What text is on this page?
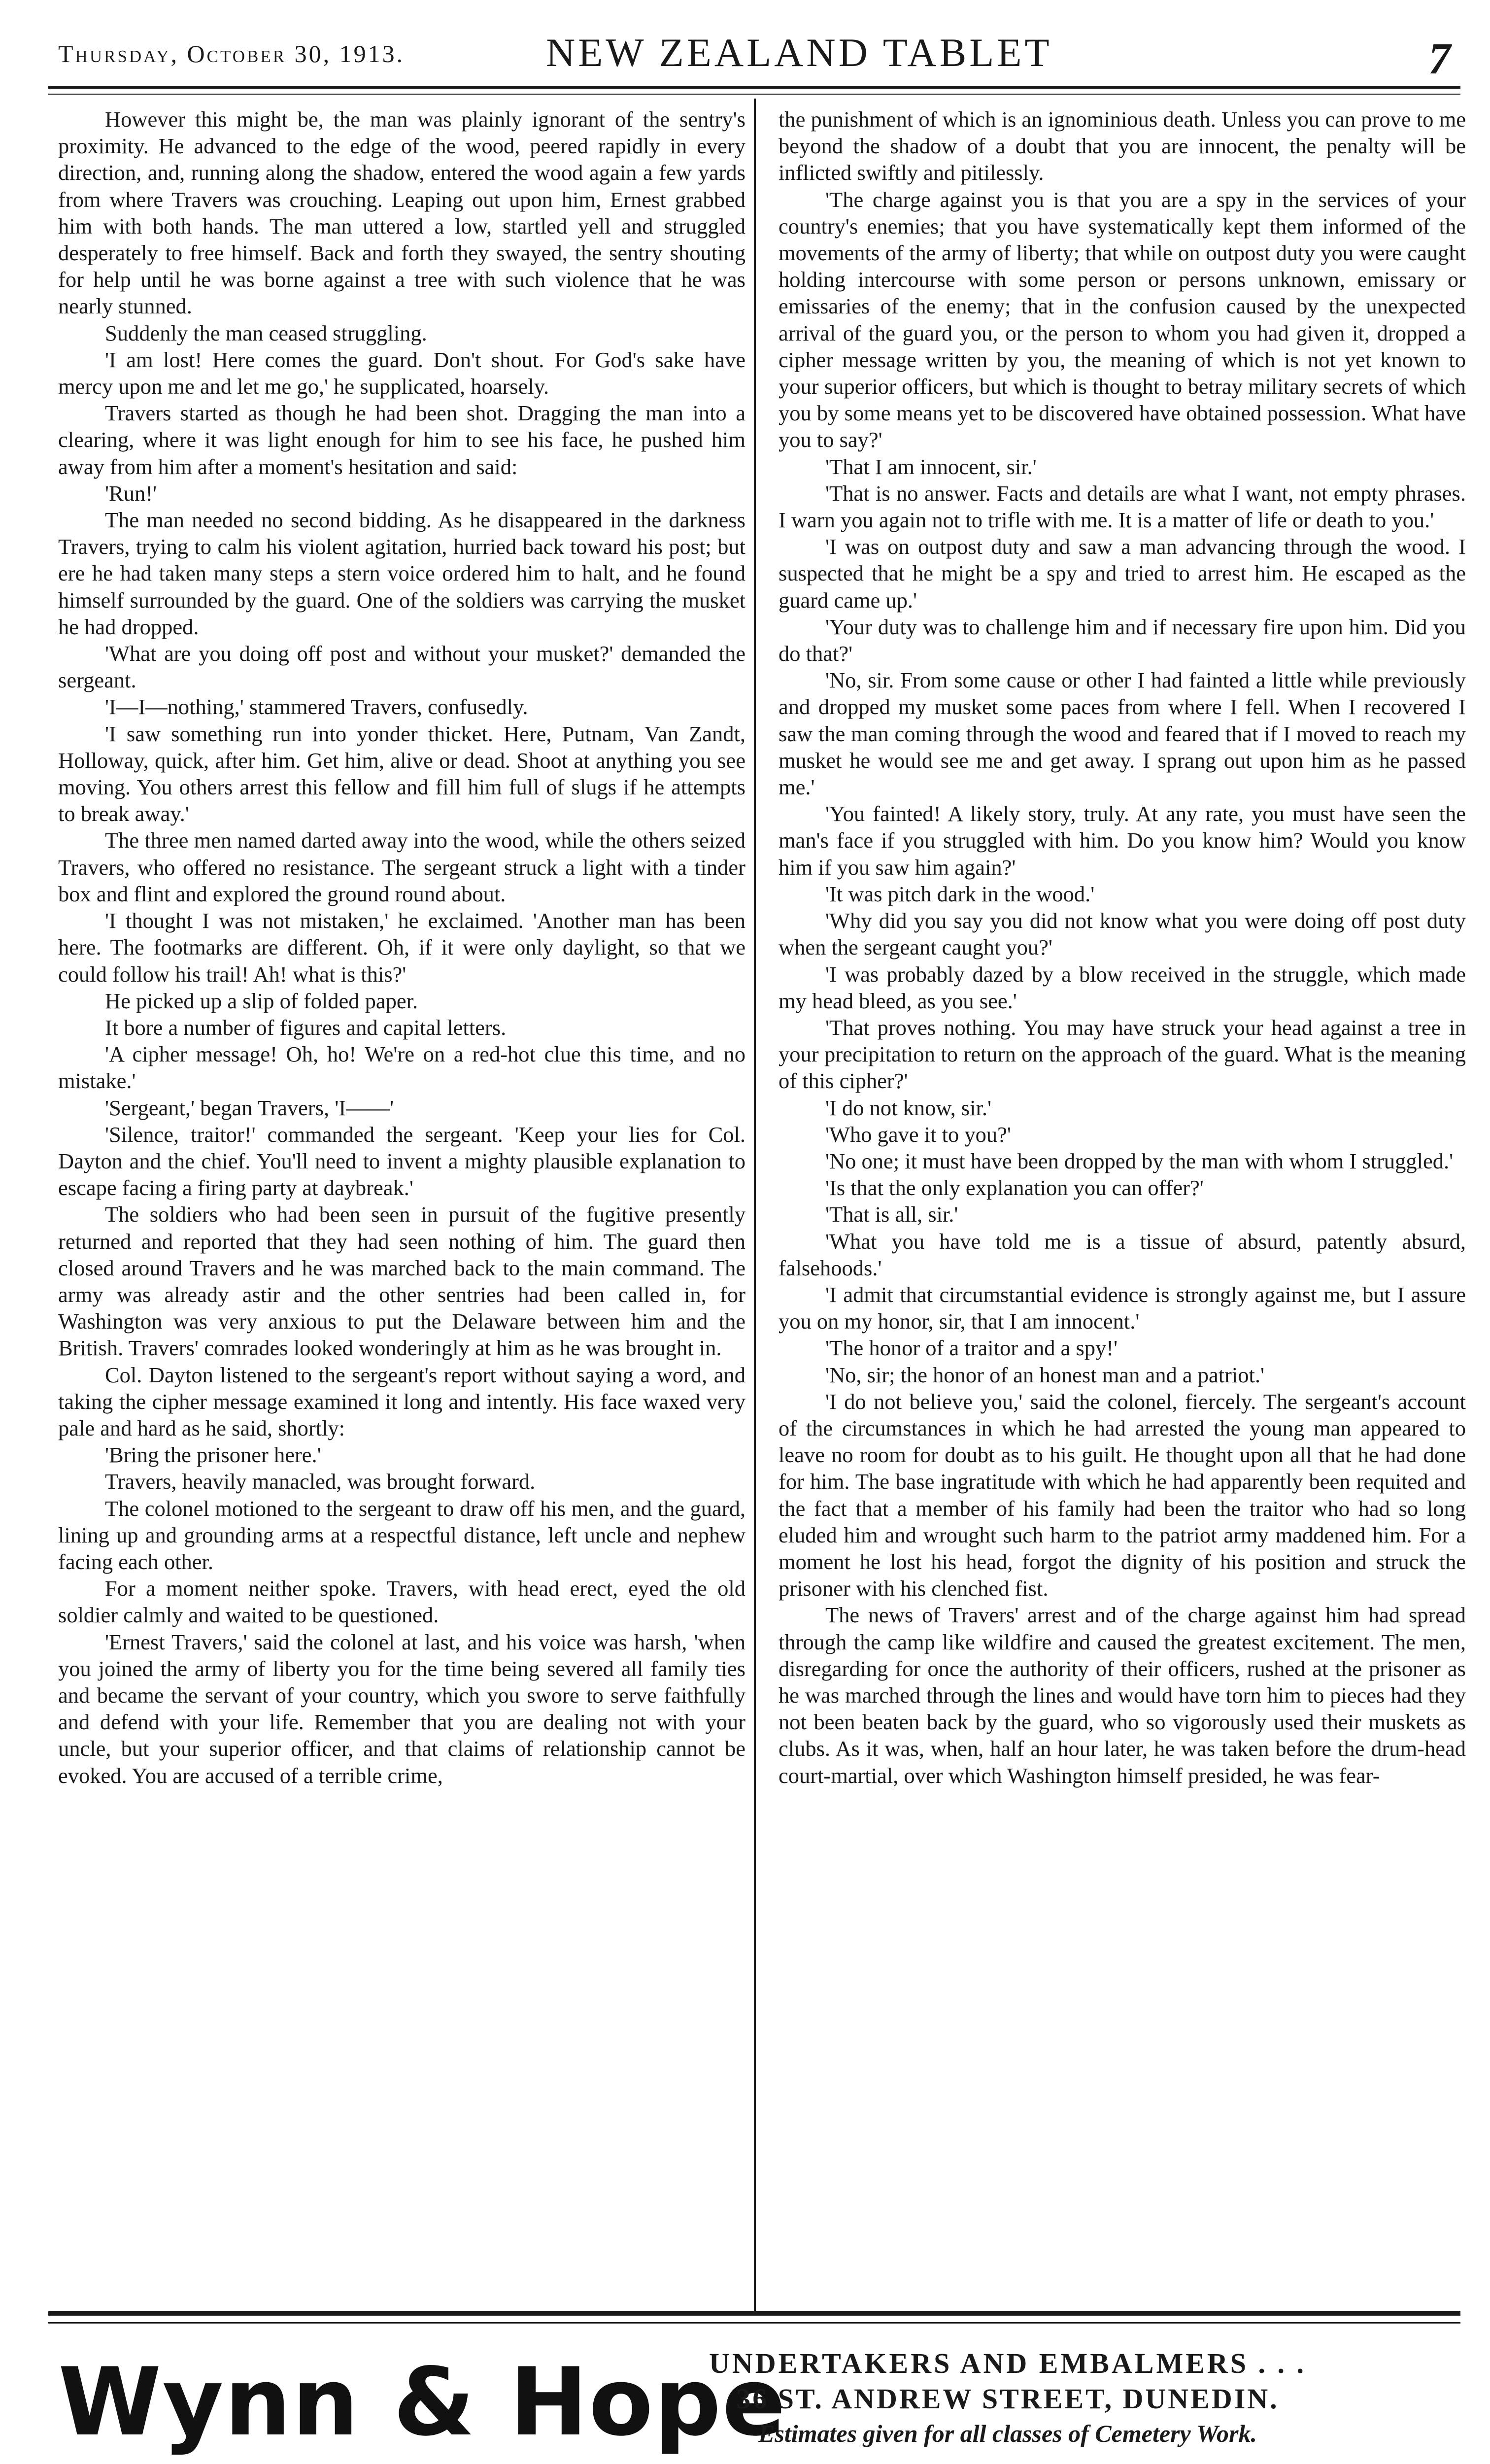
Thursday, October 30, 1913.	NEW ZEALAND TABLET	7

However this might be, the man was plainly ignorant of the sentry's proximity. He advanced to the edge of the wood, peered rapidly in every direction, and, running along the shadow, entered the wood again a few yards from where Travers was crouching. Leaping out upon him, Ernest grabbed him with both hands. The man uttered a low, startled yell and struggled desperately to free himself. Back and forth they swayed, the sentry shouting for help until he was borne against a tree with such violence that he was nearly stunned.

Suddenly the man ceased struggling.

'I am lost! Here comes the guard. Don't shout. For God's sake have mercy upon me and let me go,' he supplicated, hoarsely.

Travers started as though he had been shot. Dragging the man into a clearing, where it was light enough for him to see his face, he pushed him away from him after a moment's hesitation and said:

'Run!'

The man needed no second bidding. As he disappeared in the darkness Travers, trying to calm his violent agitation, hurried back toward his post; but ere he had taken many steps a stern voice ordered him to halt, and he found himself surrounded by the guard. One of the soldiers was carrying the musket he had dropped.

'What are you doing off post and without your musket?' demanded the sergeant.

'I—I—nothing,' stammered Travers, confusedly.

'I saw something run into yonder thicket. Here, Putnam, Van Zandt, Holloway, quick, after him. Get him, alive or dead. Shoot at anything you see moving. You others arrest this fellow and fill him full of slugs if he attempts to break away.'

The three men named darted away into the wood, while the others seized Travers, who offered no resistance. The sergeant struck a light with a tinder box and flint and explored the ground round about.

'I thought I was not mistaken,' he exclaimed. 'Another man has been here. The footmarks are different. Oh, if it were only daylight, so that we could follow his trail! Ah! what is this?'

He picked up a slip of folded paper.

It bore a number of figures and capital letters.

'A cipher message! Oh, ho! We're on a red-hot clue this time, and no mistake.'

'Sergeant,' began Travers, 'I——'

'Silence, traitor!' commanded the sergeant. 'Keep your lies for Col. Dayton and the chief. You'll need to invent a mighty plausible explanation to escape facing a firing party at daybreak.'

The soldiers who had been seen in pursuit of the fugitive presently returned and reported that they had seen nothing of him. The guard then closed around Travers and he was marched back to the main command. The army was already astir and the other sentries had been called in, for Washington was very anxious to put the Delaware between him and the British. Travers' comrades looked wonderingly at him as he was brought in.

Col. Dayton listened to the sergeant's report without saying a word, and taking the cipher message examined it long and intently. His face waxed very pale and hard as he said, shortly:

'Bring the prisoner here.'

Travers, heavily manacled, was brought forward.

The colonel motioned to the sergeant to draw off his men, and the guard, lining up and grounding arms at a respectful distance, left uncle and nephew facing each other.

For a moment neither spoke. Travers, with head erect, eyed the old soldier calmly and waited to be questioned.

'Ernest Travers,' said the colonel at last, and his voice was harsh, 'when you joined the army of liberty you for the time being severed all family ties and became the servant of your country, which you swore to serve faithfully and defend with your life. Remember that you are dealing not with your uncle, but your superior officer, and that claims of relationship cannot be evoked. You are accused of a terrible crime,

the punishment of which is an ignominious death. Unless you can prove to me beyond the shadow of a doubt that you are innocent, the penalty will be inflicted swiftly and pitilessly.

'The charge against you is that you are a spy in the services of your country's enemies; that you have systematically kept them informed of the movements of the army of liberty; that while on outpost duty you were caught holding intercourse with some person or persons unknown, emissary or emissaries of the enemy; that in the confusion caused by the unexpected arrival of the guard you, or the person to whom you had given it, dropped a cipher message written by you, the meaning of which is not yet known to your superior officers, but which is thought to betray military secrets of which you by some means yet to be discovered have obtained possession. What have you to say?'

'That I am innocent, sir.'

'That is no answer. Facts and details are what I want, not empty phrases. I warn you again not to trifle with me. It is a matter of life or death to you.'

'I was on outpost duty and saw a man advancing through the wood. I suspected that he might be a spy and tried to arrest him. He escaped as the guard came up.'

'Your duty was to challenge him and if necessary fire upon him. Did you do that?'

'No, sir. From some cause or other I had fainted a little while previously and dropped my musket some paces from where I fell. When I recovered I saw the man coming through the wood and feared that if I moved to reach my musket he would see me and get away. I sprang out upon him as he passed me.'

'You fainted! A likely story, truly. At any rate, you must have seen the man's face if you struggled with him. Do you know him? Would you know him if you saw him again?'

'It was pitch dark in the wood.'

'Why did you say you did not know what you were doing off post duty when the sergeant caught you?'

'I was probably dazed by a blow received in the struggle, which made my head bleed, as you see.'

'That proves nothing. You may have struck your head against a tree in your precipitation to return on the approach of the guard. What is the meaning of this cipher?'

'I do not know, sir.'

'Who gave it to you?'

'No one; it must have been dropped by the man with whom I struggled.'

'Is that the only explanation you can offer?'

'That is all, sir.'

'What you have told me is a tissue of absurd, patently absurd, falsehoods.'

'I admit that circumstantial evidence is strongly against me, but I assure you on my honor, sir, that I am innocent.'

'The honor of a traitor and a spy!'

'No, sir; the honor of an honest man and a patriot.'

'I do not believe you,' said the colonel, fiercely. The sergeant's account of the circumstances in which he had arrested the young man appeared to leave no room for doubt as to his guilt. He thought upon all that he had done for him. The base ingratitude with which he had apparently been requited and the fact that a member of his family had been the traitor who had so long eluded him and wrought such harm to the patriot army maddened him. For a moment he lost his head, forgot the dignity of his position and struck the prisoner with his clenched fist.

The news of Travers' arrest and of the charge against him had spread through the camp like wildfire and caused the greatest excitement. The men, disregarding for once the authority of their officers, rushed at the prisoner as he was marched through the lines and would have torn him to pieces had they not been beaten back by the guard, who so vigorously used their muskets as clubs. As it was, when, half an hour later, he was taken before the drum-head court-martial, over which Washington himself presided, he was fear-

Wynn & Hope
UNDERTAKERS AND EMBALMERS . . .
36 ST. ANDREW STREET, DUNEDIN.
Estimates given for all classes of Cemetery Work.
